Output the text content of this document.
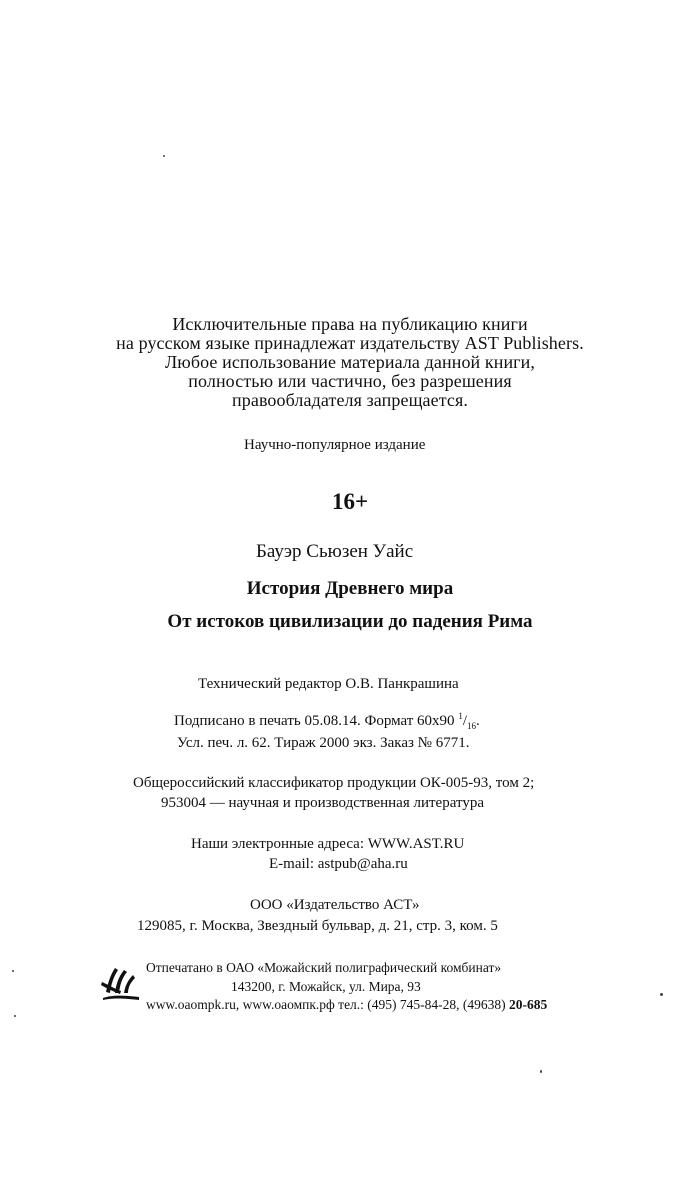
Исключительные права на публикацию книги
на русском языке принадлежат издательству AST Publishers.
Любое использование материала данной книги,
полностью или частично, без разрешения
правообладателя запрещается.
Научно-популярное издание
16+
Бауэр Сьюзен Уайс
История Древнего мира
От истоков цивилизации до падения Рима
Технический редактор О.В. Панкрашина
Подписано в печать 05.08.14. Формат 60х90 $^1/_{16}$.
Усл. печ. л. 62. Тираж 2000 экз. Заказ № 6771.
Общероссийский классификатор продукции ОК-005-93, том 2;
953004 — научная и производственная литература
Наши электронные адреса: WWW.AST.RU
E-mail: astpub@aha.ru
ООО «Издательство АСТ»
129085, г. Москва, Звездный бульвар, д. 21, стр. 3, ком. 5
Отпечатано в ОАО «Можайский полиграфический комбинат»
143200, г. Можайск, ул. Мира, 93
www.oaompk.ru, www.оаомпк.рф тел.: (495) 745-84-28, (49638) 20-685
